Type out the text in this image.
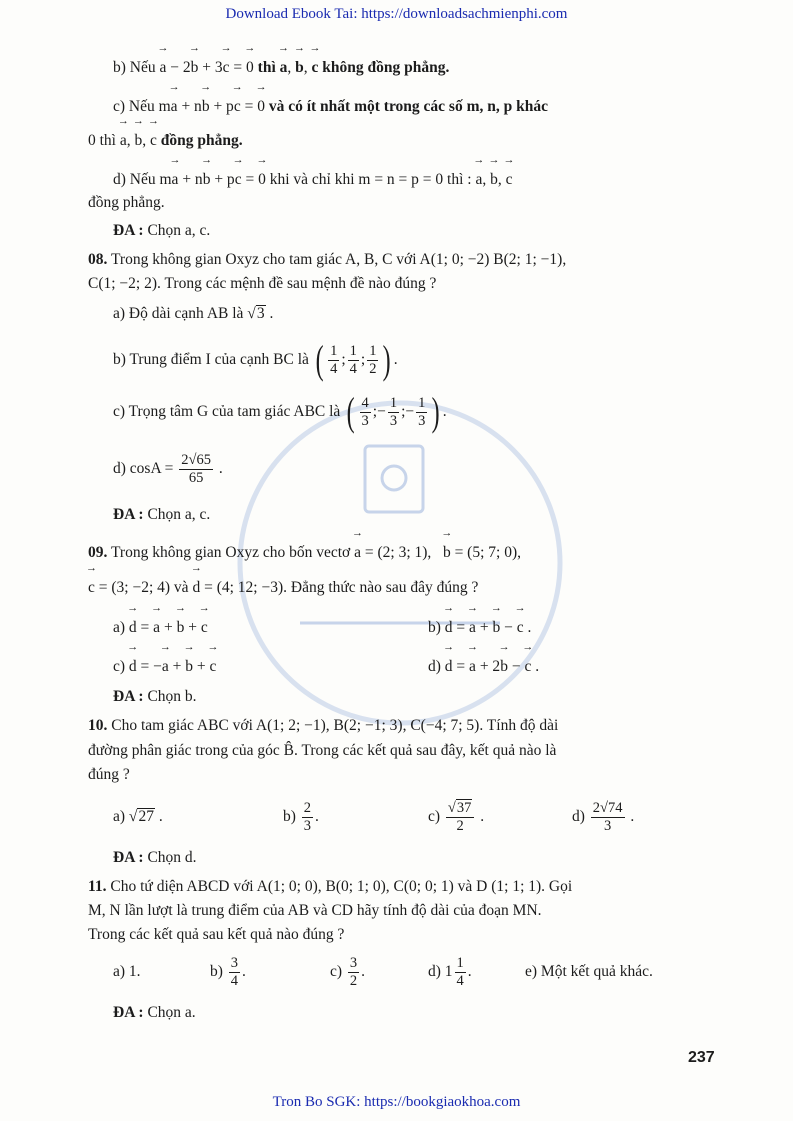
Download Ebook Tai: https://downloadsachmienphi.com
b) Nếu → a − 2→ b + 3→ c = → 0 thì → a, → b, → c không đồng phẳng.
c) Nếu m→ a + n→ b + p→ c = → 0 và có ít nhất một trong các số m, n, p khác
0 thì → a, → b, → c đồng phẳng.
d) Nếu m→ a + n→ b + p→ c = → 0 khi và chỉ khi m = n = p = 0 thì : → a, → b, → c
đồng phẳng.
ĐA : Chọn a, c.
08. Trong không gian Oxyz cho tam giác A, B, C với A(1; 0; −2) B(2; 1; −1),
C(1; −2; 2). Trong các mệnh đề sau mệnh đề nào đúng ?
a) Độ dài cạnh AB là √3 .
b) Trung điểm I của cạnh BC là ( $\frac{1}{4}$ ; $\frac{1}{4}$ ; $\frac{1}{2}$ ) .
c) Trọng tâm G của tam giác ABC là ( $\frac{4}{3}$ ;− $\frac{1}{3}$ ;− $\frac{1}{3}$ ) .
d) $\cos A = \frac{2√65}{65}$ .
ĐA : Chọn a, c.
09. Trong không gian Oxyz cho bốn vectơ → a = (2; 3; 1), → b = (5; 7; 0),
→ c = (3; −2; 4) và → d = (4; 12; −3). Đẳng thức nào sau đây đúng ?
a) → d = → a + → b + → c	b) → d = → a + → b − → c .
c) → d = −→ a + → b + → c	d) → d = → a + 2→ b − → c .
ĐA : Chọn b.
10. Cho tam giác ABC với A(1; 2; −1), B(2; −1; 3), C(−4; 7; 5). Tính độ dài
đường phân giác trong của góc B̂. Trong các kết quả sau đây, kết quả nào là
đúng ?
a) √27 .	$b) \frac{2}{3}$ .	$c) \frac{√37}{2}$ .	$d) \frac{2√74}{3}$ .
ĐA : Chọn d.
11. Cho tứ diện ABCD với A(1; 0; 0), B(0; 1; 0), C(0; 0; 1) và D (1; 1; 1). Gọi
M, N lần lượt là trung điểm của AB và CD hãy tính độ dài của đoạn MN.
Trong các kết quả sau kết quả nào đúng ?
a) 1.	$b) \frac{3}{4}$ .	$c) \frac{3}{2}$ .	d) $1 \frac{1}{4}$ .	e) Một kết quả khác.
ĐA : Chọn a.
237
Tron Bo SGK: https://bookgiaokhoa.com
